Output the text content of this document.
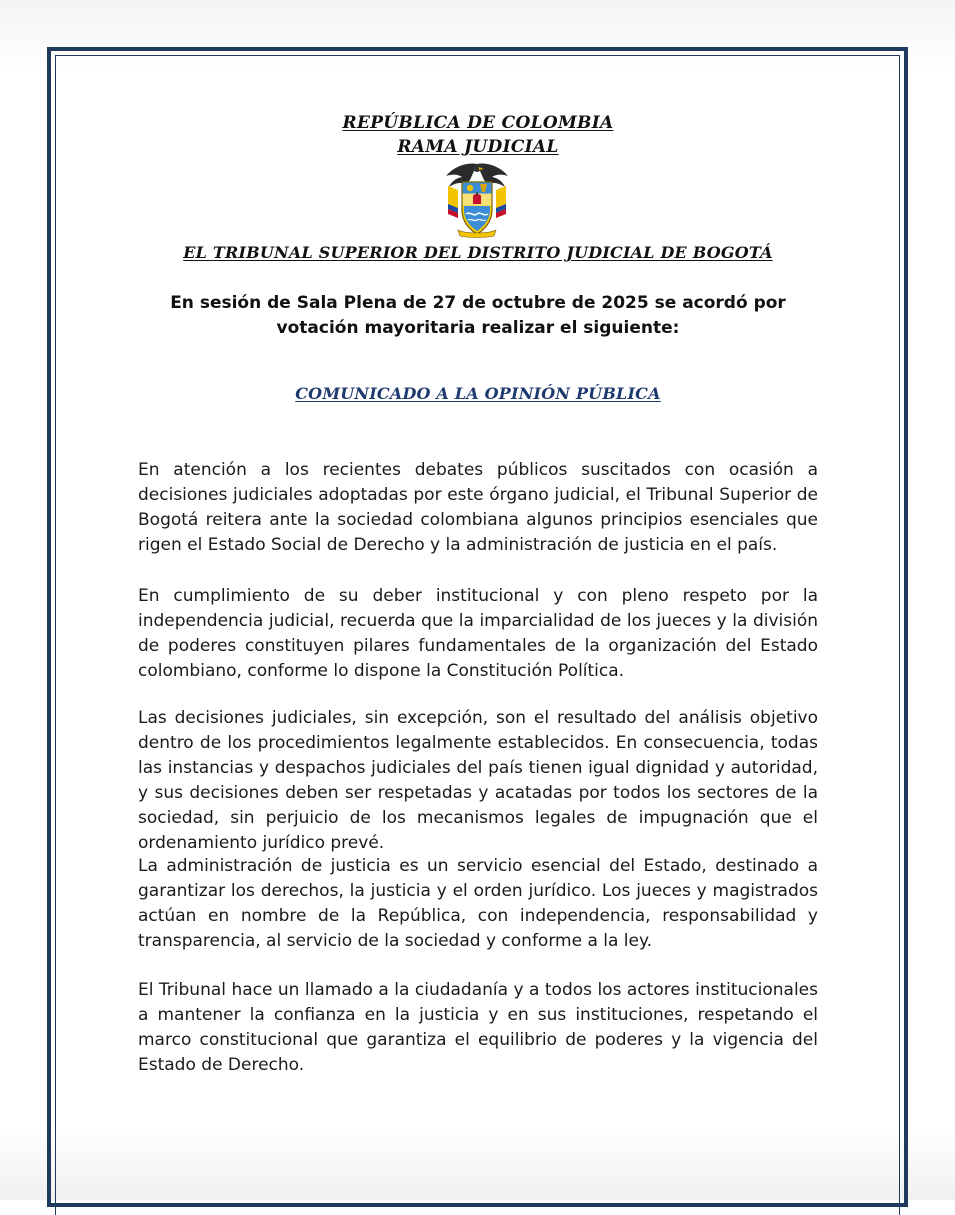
REPÚBLICA DE COLOMBIA
RAMA JUDICIAL
EL TRIBUNAL SUPERIOR DEL DISTRITO JUDICIAL DE BOGOTÁ
En sesión de Sala Plena de 27 de octubre de 2025 se acordó por votación mayoritaria realizar el siguiente:
COMUNICADO A LA OPINIÓN PÚBLICA

En atención a los recientes debates públicos suscitados con ocasión a decisiones judiciales adoptadas por este órgano judicial, el Tribunal Superior de Bogotá reitera ante la sociedad colombiana algunos principios esenciales que rigen el Estado Social de Derecho y la administración de justicia en el país.

En cumplimiento de su deber institucional y con pleno respeto por la independencia judicial, recuerda que la imparcialidad de los jueces y la división de poderes constituyen pilares fundamentales de la organización del Estado colombiano, conforme lo dispone la Constitución Política.

Las decisiones judiciales, sin excepción, son el resultado del análisis objetivo dentro de los procedimientos legalmente establecidos. En consecuencia, todas las instancias y despachos judiciales del país tienen igual dignidad y autoridad, y sus decisiones deben ser respetadas y acatadas por todos los sectores de la sociedad, sin perjuicio de los mecanismos legales de impugnación que el ordenamiento jurídico prevé.

La administración de justicia es un servicio esencial del Estado, destinado a garantizar los derechos, la justicia y el orden jurídico. Los jueces y magistrados actúan en nombre de la República, con independencia, responsabilidad y transparencia, al servicio de la sociedad y conforme a la ley.

El Tribunal hace un llamado a la ciudadanía y a todos los actores institucionales a mantener la confianza en la justicia y en sus instituciones, respetando el marco constitucional que garantiza el equilibrio de poderes y la vigencia del Estado de Derecho.
